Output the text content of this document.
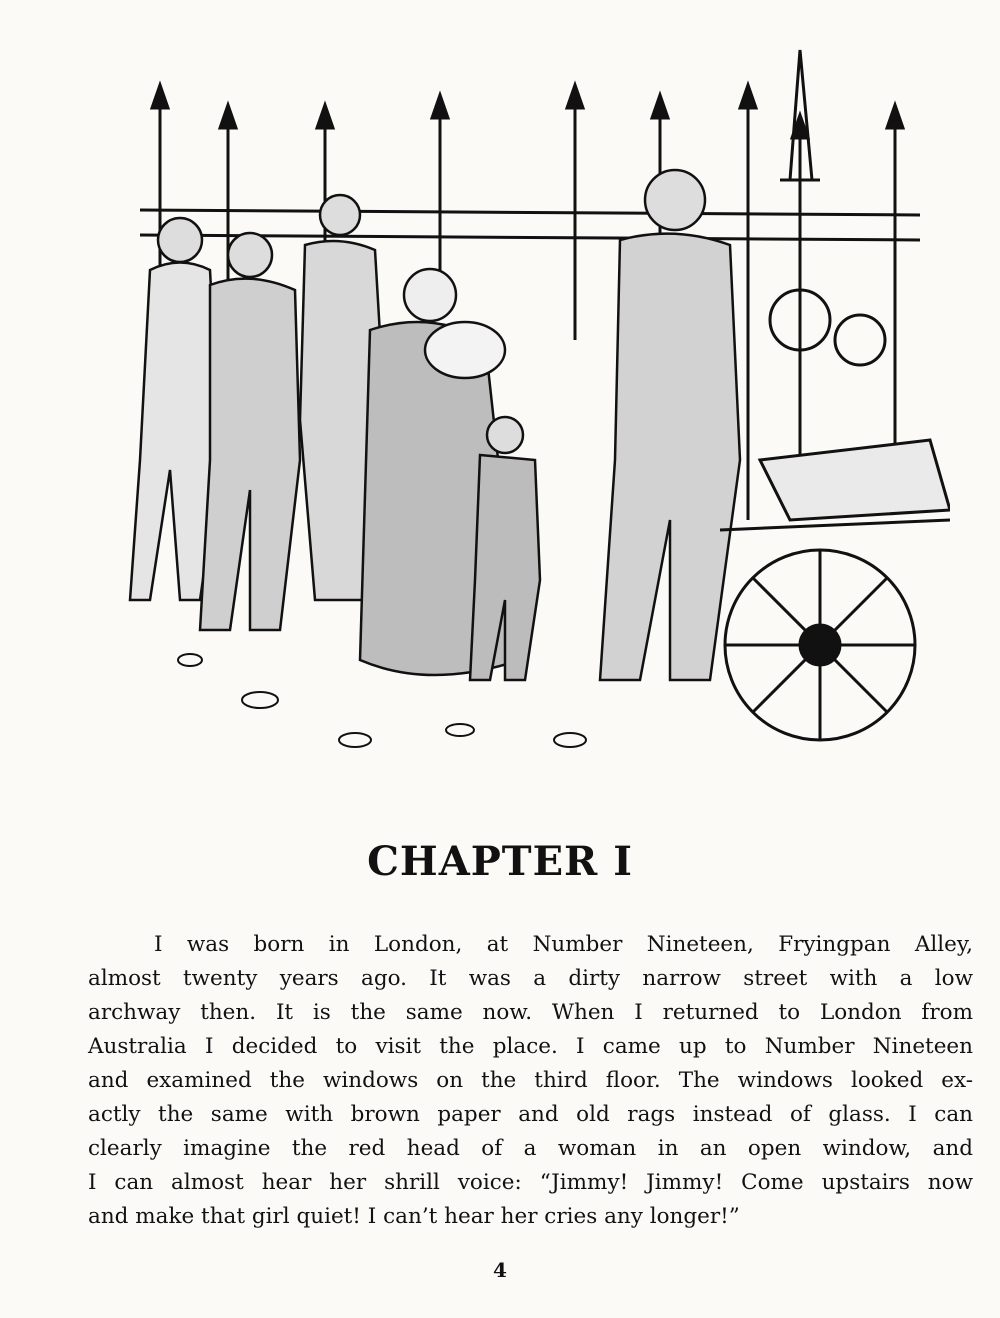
CHAPTER I

I was born in London, at Number Nineteen, Fryingpan Alley,
almost twenty years ago. It was a dirty narrow street with a low
archway then. It is the same now. When I returned to London from
Australia I decided to visit the place. I came up to Number Nineteen
and examined the windows on the third floor. The windows looked ex-
actly the same with brown paper and old rags instead of glass. I can
clearly imagine the red head of a woman in an open window, and
I can almost hear her shrill voice: “Jimmy! Jimmy! Come upstairs now
and make that girl quiet! I can’t hear her cries any longer!”

4
